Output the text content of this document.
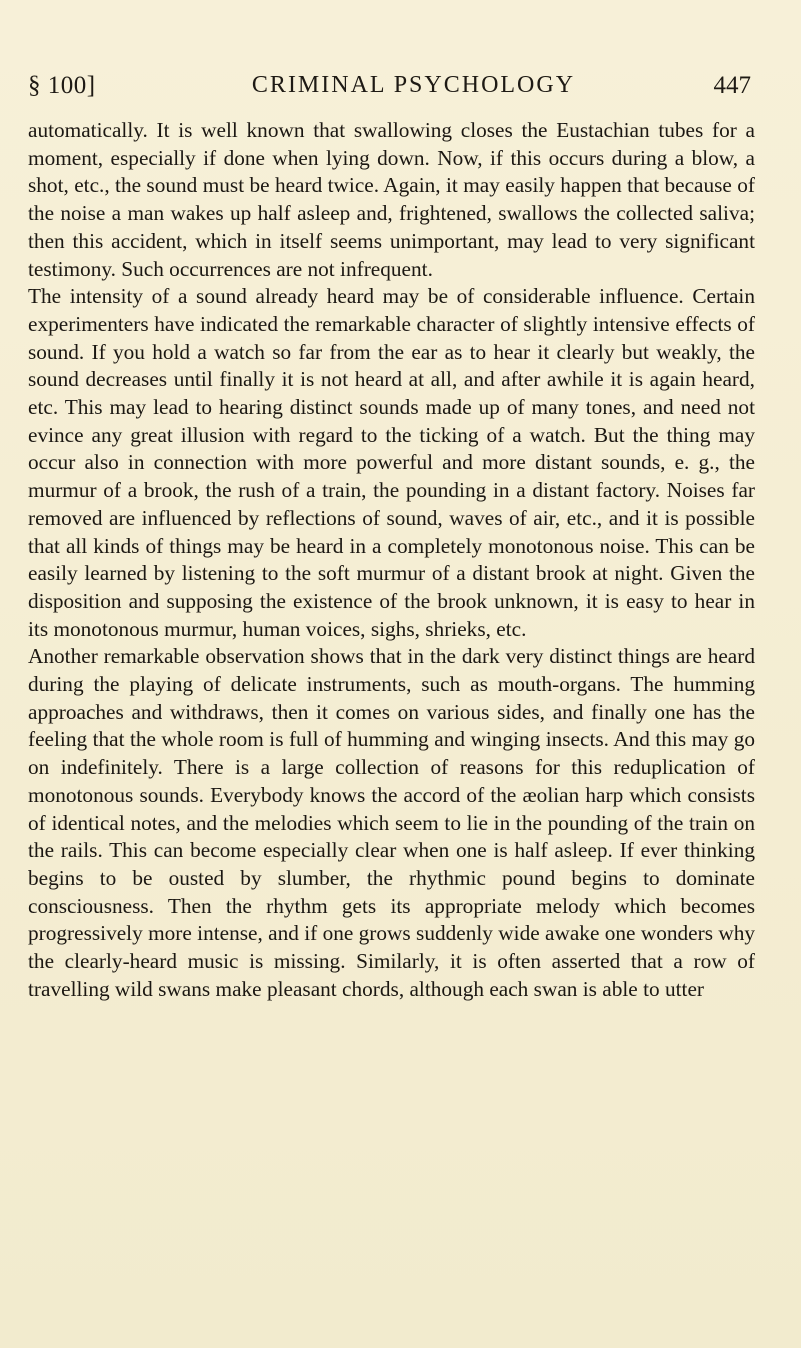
§ 100]	CRIMINAL PSYCHOLOGY	447

automatically. It is well known that swallowing closes the Eustachian tubes for a moment, especially if done when lying down. Now, if this occurs during a blow, a shot, etc., the sound must be heard twice. Again, it may easily happen that because of the noise a man wakes up half asleep and, frightened, swallows the collected saliva; then this accident, which in itself seems unimportant, may lead to very significant testimony. Such occurrences are not infrequent.

The intensity of a sound already heard may be of considerable influence. Certain experimenters have indicated the remarkable character of slightly intensive effects of sound. If you hold a watch so far from the ear as to hear it clearly but weakly, the sound decreases until finally it is not heard at all, and after awhile it is again heard, etc. This may lead to hearing distinct sounds made up of many tones, and need not evince any great illusion with regard to the ticking of a watch. But the thing may occur also in connection with more powerful and more distant sounds, e. g., the murmur of a brook, the rush of a train, the pounding in a distant factory. Noises far removed are influenced by reflections of sound, waves of air, etc., and it is possible that all kinds of things may be heard in a completely monotonous noise. This can be easily learned by listening to the soft murmur of a distant brook at night. Given the disposition and supposing the existence of the brook unknown, it is easy to hear in its monotonous murmur, human voices, sighs, shrieks, etc.

Another remarkable observation shows that in the dark very distinct things are heard during the playing of delicate instruments, such as mouth-organs. The humming approaches and withdraws, then it comes on various sides, and finally one has the feeling that the whole room is full of humming and winging insects. And this may go on indefinitely. There is a large collection of reasons for this reduplication of monotonous sounds. Everybody knows the accord of the æolian harp which consists of identical notes, and the melodies which seem to lie in the pounding of the train on the rails. This can become especially clear when one is half asleep. If ever thinking begins to be ousted by slumber, the rhythmic pound begins to dominate consciousness. Then the rhythm gets its appropriate melody which becomes progressively more intense, and if one grows suddenly wide awake one wonders why the clearly-heard music is missing. Similarly, it is often asserted that a row of travelling wild swans make pleasant chords, although each swan is able to utter
